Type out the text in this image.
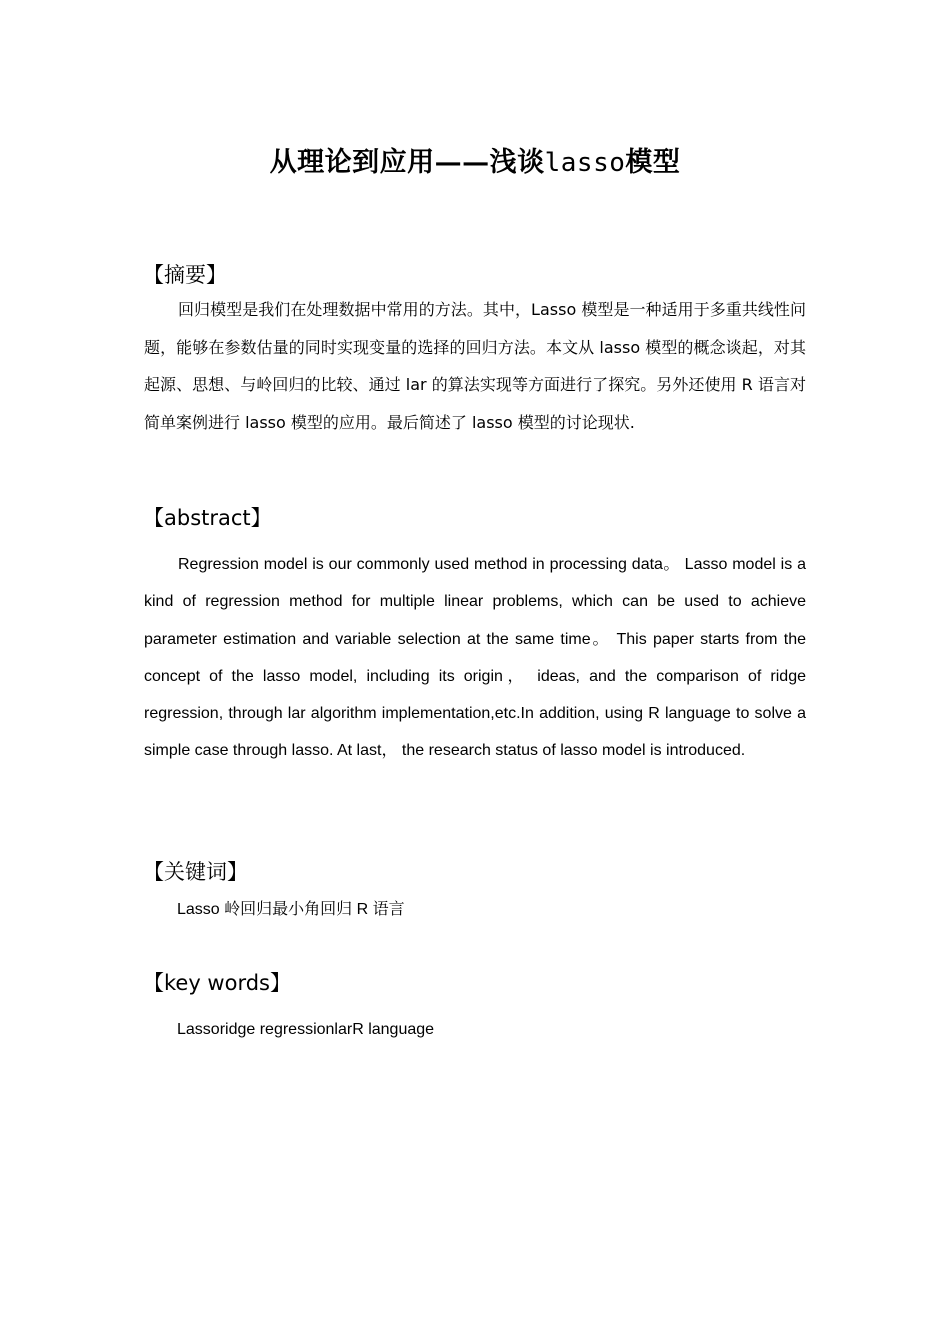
从理论到应用——浅谈lasso模型
【摘要】
回归模型是我们在处理数据中常用的方法。其中，Lasso 模型是一种适用于多重共线性问题，能够在参数估量的同时实现变量的选择的回归方法。本文从 lasso 模型的概念谈起，对其起源、思想、与岭回归的比较、通过 lar 的算法实现等方面进行了探究。另外还使用 R 语言对简单案例进行 lasso 模型的应用。最后简述了 lasso 模型的讨论现状.
【abstract】
Regression model is our commonly used method in processing data。 Lasso model is a kind of regression method for multiple linear problems, which can be used to achieve parameter estimation and variable selection at the same time。 This paper starts from the concept of the lasso model, including its origin， ideas, and the comparison of ridge regression, through lar algorithm implementation,etc.In addition, using R language to solve a simple case through lasso. At last， the research status of lasso model is introduced.
【关键词】
Lasso 岭回归最小角回归 R 语言
【key words】
Lassoridge regressionlarR language
